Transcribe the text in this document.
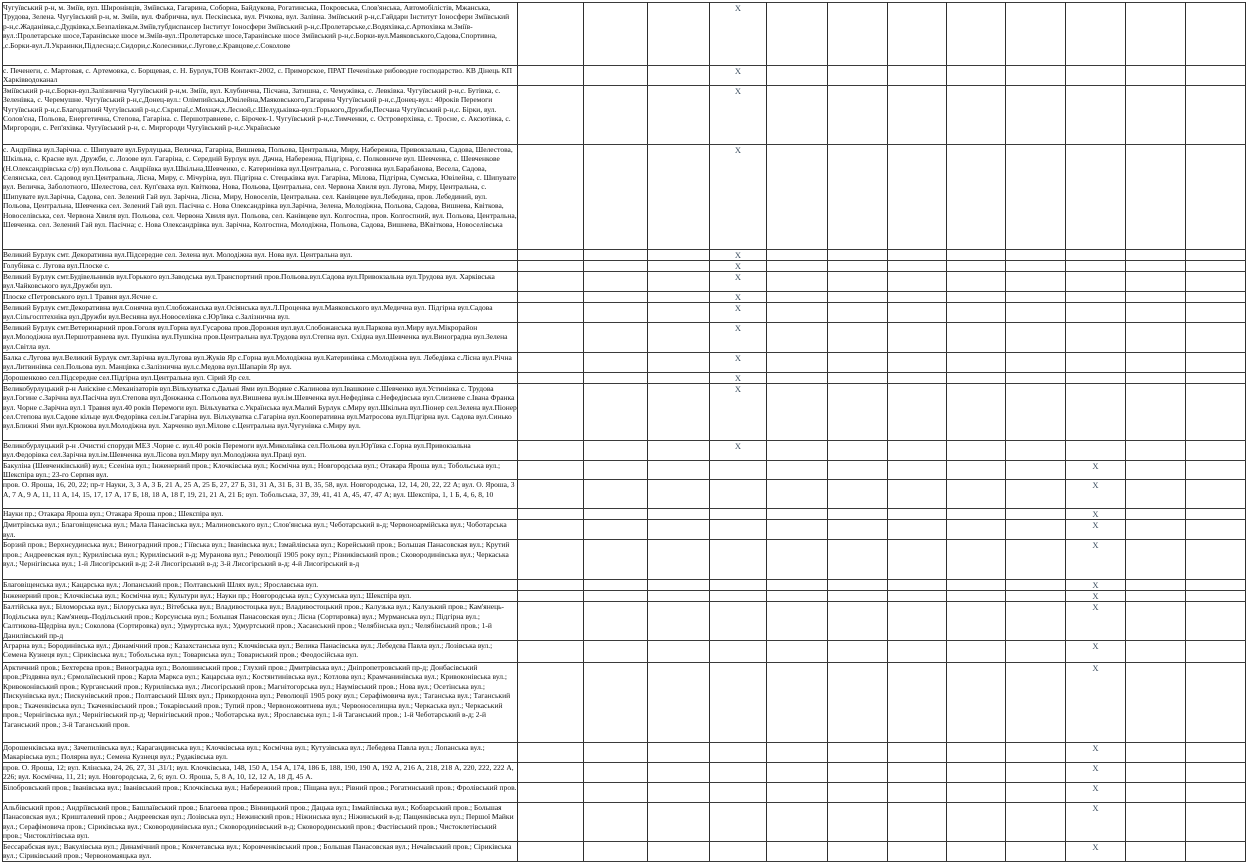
Чугуївський р-н, м. Зміїв, вул. Широнінців, Зміївська, Гагарина, Соборна, Байдукова, Рогатинська, Покровська, Слов'янська, Автомобілістів, Мжанська, Трудова, Зелена. Чугуївський р-н, м. Зміїв, вул. Фабрична, вул. Песківська, вул. Річкова, вул. Залівна. Зміївський р-н,с.Гайдари Інститут Іоносфери Зміївський р-н,с.Жаданівка,с.Дудківка,х.Безпалівка,м.Зміїв,тубдиспансер Інститут Іоносфери Зміївський р-н,с.Пролетарське,с.Водяхівка,с.Артюхівка м.Зміїв-вул.:Пролетарське шосе,Таранівське шосе м.Зміїв-вул.:Пролетарське шосе,Таранівське шосе Зміївський р-н,с.Борки-вул.Маяковського,Садова,Спортивна, ,с.Борки-вул.Л.Украинки,Підлесна;с.Сидори,с.Колесники,с.Лугове,с.Кравцове,с.Соколове				Х								
с. Печенеги, с. Мартовая, с. Артемовка, с. Борщевая, с. Н. Бурлук,ТОВ Контакт-2002, с. Приморское, ПРАТ Печенізьке рибоводне господарство. КВ Дінець КП Харківводоканал				Х								
Зміївський р-н,с.Борки-вул.Залізнична Чугуївський р-н,м. Зміїв, вул. Клубнична, Пісчана, Затишна, с. Чемужівка, с. Левківка. Чугуївський р-н,с. Бутівка, с. Зеленівка, с. Черемушне. Чугуївський р-н,с,Донец-вул.: Олімпийська,Ювілейна,Маяковського,Гагарина Чугуївський р-н,с.Донец-вул.: 40років Перемоги Чугуївський р-н,с.Благодатний Чугуївський р-н,с.Скрипаї,с.Мохнач,х.Лесной,с.Шелудьківка-вул.:Горького,Дружби,Песчана Чугуївський р-н,с. Бірки, вул. Солов'єна, Польова, Енергетична, Степова, Гагаріна. с. Першотравневе, с. Бірочек-1. Чугуївський р-н,с.Тимченки, с. Островерхівка, с. Тросне, с. Аксютівка, с. Миргороди, с. Реп'яхівка. Чугуївський р-н, с. Миргороди Чугуївський р-н,с.Українське				Х								
с. Андріївка вул.Зарічна. с. Шипувате вул.Бурлуцька, Величка, Гагаріна, Вишнева, Польова, Центральна, Миру, Набережна, Привокзальна, Садова, Шелестова, Шкільна, с. Красне вул. Дружби, с. Лозове вул. Гагаріна, с. Середній Бурлук вул. Дачна, Набережна, Підгірна, с. Полковниче вул. Шевченка, с. Шевченкове (Н.Олександрівська с/р) вул.Польова с. Андріївка вул.Шкільна,Шевченко, с. Катеринівка вул.Центральна, с. Рогозянка вул.Барабанова, Весела, Садова, Селянська, сел. Садовод вул.Центральна, Лісна, Миру, с. Мічуріна, вул. Підгірна с. Стецьківка вул. Гагаріна, Мілова, Підгірна, Сумська, Ювілейна, с. Шипувате вул. Величка, Заболотного, Шелестова, сел. Куп'єваха вул. Квіткова, Нова, Польова, Центральна, сел. Червона Хвиля вул. Лугова, Миру, Центральна, с. Шипувате вул.Зарічна, Садова, сел. Зелений Гай вул. Зарічна, Лісна, Миру, Новоселів, Центральна. сел. Канівцеве вул.Лебедина, пров. Лебединий, вул. Польова, Центральна, Шевченка сел. Зелений Гай вул. Пасічна с. Нова Олександрівка вул.Зарічна, Зелена, Молодіжна, Польова, Садова, Вишнева, Квіткова, Новоселівська, сел. Червона Хвиля вул. Польова, сел. Червона Хвиля вул. Польова, сел. Канівцеве вул. Колгоспна, пров. Колгоспний, вул. Польова, Центральна, Шевченка. сел. Зелений Гай вул. Пасічна; с. Нова Олександрівка вул. Зарічна, Колгоспна, Молодіжна, Польова, Садова, Вишнева, ВКвіткова, Новоселівська				Х								
Великий Бурлук смт. Декоративна вул.Підсередне сел. Зелена вул. Молодіжна вул. Нова вул. Центральна вул.				Х								
Голубівка с. Лугова вул.Плоске с.				Х								
Великий Бурлук смт.Будівельників вул.Горького вул.Заводська вул.Транспортний пров.Польова.вул.Садова вул.Привокзальна вул.Трудова вул. Харківська вул.Чайковського вул.Дружби вул.				Х								
Плоске сПетровського вул.1 Травня вул.Яєчне с.				Х								
Великий Бурлук смт.Декоративна вул.Сонячна вул.Слобожанська вул.Осіянська вул.Л.Проценка вул.Маяковського вул.Медична вул. Підгірна вул.Садова вул.Сільгосптехніка вул.Дружби вул.Весняна вул.Новоселівка с.Юр'ївка с.Залізнична вул.				Х								
Великий Бурлук смт.Ветеринарний пров.Гоголя вул.Горна вул.Гусарова пров.Дорожня вул.вул.Слобожанська вул.Паркова вул.Миру вул.Мікрорайон вул.Молодіжна вул.Першотравнева вул. Пушкіна вул.Пушкіна пров.Центральна вул.Трудова вул.Степна вул. Східна вул.Шевченка вул.Виноградна вул.Зелена вул.Світла вул.				Х								
Балка с.Лугова вул.Великий Бурлук смт.Зарічна вул.Лугова вул.Жуків Яр с.Горна вул.Молодіжна вул.Катеринівка с.Молодіжна вул. Лебедівка с.Лісна вул.Річна вул.Литвинівка сел.Польова вул. Манцівка с.Залізнична вул.с.Медова вул.Шапарів Яр вул.				Х								
Дорошенково сел.Підсередне сел.Підгірна вул.Центральна вул. Сірий Яр сел.				Х								
Великобурлуцький р-н Аніскіне с.Механізаторів вул.Вільхуватка с.Дальні Ями вул.Водяне с.Калинова вул.Івашкине с.Шевченко вул.Устинівка с. Трудова вул.Гогине с.Зарічна вул.Пасічна вул.Степова вул.Донжанка с.Польова вул.Вишнева вул.ім.Шевченка вул.Нефедівка с.Нефедівська вул.Слизневе с.Івана Франка вул. Чорне с.Зарічна вул.1 Травня вул.40 років Перемоги вул. Вільхуватка с.Українська вул.Малий Бурлук с.Миру вул.Шкільна вул.Піонер сел.Зелена вул.Піонер сел.Степова вул.Садове кільце вул.Федорівка сел.ім.Гагаріна вул. Вільхуватка с.Гагаріна вул.Кооперативна вул.Матросова вул.Підгірна вул. Садова вул.Синько вул.Ближні Ями вул.Крюкова вул.Молодіжна вул. Харченко вул.Мілове с.Центральна вул.Чугунівка с.Миру вул.				Х								
Великобурлуцький р-н .Очистні споруди МЕЗ .Чорне с. вул.40 років Перемоги вул.Миколаївка сел.Польова вул.Юр'ївка с.Горна вул.Привокзальна вул.Федорівка сел.Зарічна вул.ім.Шевченка вул.Лісова вул.Миру вул.Молодіжна вул.Праці вул.				Х								
Бакуліна (Шевченківський) вул.; Єсеніна вул.; Інженерний пров.; Клочківська вул.; Космічна вул.; Новгородська вул.; Отакара Яроша вул.; Тобольська вул.; Шекспіра вул.; 23-го Серпня вул.										Х		
пров. О. Яроша, 16, 20, 22; пр-т Науки, 3, 3 А, 3 Б, 21 А, 25 А, 25 Б, 27, 27 Б, 31, 31 А, 31 Б, 31 В, 35, 58, вул. Новгородська, 12, 14, 20, 22, 22 А; вул. О. Яроша, 3 А, 7 А, 9 А, 11, 11 А, 14, 15, 17, 17 А, 17 Б, 18, 18 А, 18 Г, 19, 21, 21 А, 21 Б; вул. Тобольська, 37, 39, 41, 41 А, 45, 47, 47 А; вул. Шекспіра, 1, 1 Б, 4, 6, 8, 10										Х		
Науки пр.; Отакара Яроша вул.; Отакара Яроша пров.; Шекспіра вул.										Х		
Дмитрівська вул.; Благовіщенська вул.; Мала Панасівська вул.; Малиновського вул.; Слов'янська вул.; Чеботарський в-д; Червоноармійська вул.; Чоботарська вул.										Х		
Борзий пров.; Верхнєудинська вул.; Виноградний пров.; Гіївська вул.; Іванівська вул.; Ізмайлівська вул.; Корейський пров.; Большая Панасовская вул.; Крутий пров.; Андреевская вул.; Курилівська вул.; Курилівський в-д; Муранова вул.; Революції 1905 року вул.; Різниківський пров.; Сковородинівська вул.; Черкаська вул.; Чернігівська вул.; 1-й Лисогірський в-д; 2-й Лисогірський в-д; 3-й Лисогірський в-д; 4-й Лисогірський в-д										Х		
Благовіщенська вул.; Кацарська вул.; Лопанський пров.; Полтавський Шлях вул.; Ярославська вул.										Х		
Інженерний пров.; Клочківська вул.; Космічна вул.; Культури вул.; Науки пр.; Новгородська вул.; Сухумська вул.; Шекспіра вул.										Х		
Балтійська вул.; Біломорська вул.; Білоруська вул.; Вітебська вул.; Владивостоцька вул.; Владивостоцький пров.; Калузька вул.; Калузький пров.; Кам'янець-Подільська вул.; Кам'янець-Подільський пров.; Корсунська вул.; Большая Панасовская вул.; Лісна (Сортировка) вул.; Мурманська вул.; Підгірна вул.; Салтикова-Щедріна вул.; Соколова (Сортировка) вул.; Удмуртська вул.; Удмуртський пров.; Хасанський пров.; Челябінська вул.; Челябінський пров.; 1-й Данилівський пр-д										Х		
Аграрна вул.; Бородинівська вул.; Динамічний пров.; Казахстанська вул.; Клочківська вул.; Велика Панасівська вул.; Лебедєва Павла вул.; Лозівська вул.; Семена Кузнеця вул.; Сіриківська вул.; Тобольська вул.; Товариська вул.; Товариський пров.; Феодосійська вул.										Х		
Арктичний пров.; Бехтерєва пров.; Виноградна вул.; Волошинський пров.; Глухий пров.; Дмитрівська вул.; Дніпропетровський пр-д; Донбасівський пров.;Різдвяна вул.; Єрмолаївський пров.; Карла Маркса вул.; Кацарська вул.; Костянтинівська вул.; Котлова вул.; Крамчанинівська вул.; Кривоконівська вул.; Кривоконівський пров.; Курганський пров.; Курилівська вул.; Лисогірський пров.; Магнітогорська вул.; Наумівський пров.; Нова вул.; Осетінська вул.; Пискунівська вул.; Пискунівський пров.; Полтавський Шлях вул.; Прикордонна вул.; Революції 1905 року вул.; Серафімовича вул.; Таганська вул.; Таганський пров.; Ткаченківська вул.; Ткаченківський пров.; Токарівський пров.; Тупий пров.; Червоножовтнева вул.; Червоноселищна вул.; Черкаська вул.; Черкаський пров.; Чернігівська вул.; Чернігівський пр-д; Чернігівський пров.; Чоботарська вул.; Ярославська вул.; 1-й Таганський пров.; 1-й Чеботарський в-д; 2-й Таганський пров.; 3-й Таганський пров.										Х		
Дорошенківська вул.; Зачепилівська вул.; Карагандинська вул.; Клочківська вул.; Космічна вул.; Кутузівська вул.; Лебедева Павла вул.; Лопанська вул.; Макарівська вул.; Полярна вул.; Семена Кузнеця вул.; Рудаківська вул.										Х		
пров. О. Яроша, 12; вул. Клінська, 24, 26, 27, 31 ,31/1; вул. Клочківська, 148, 150 А, 154 А, 174, 186 Б, 188, 190, 190 А, 192 А, 216 А, 218, 218 А, 220, 222, 222 А, 226; вул. Космічна, 11, 21; вул. Новгородська, 2, 6; вул. О. Яроша, 5, 8 А, 10, 12, 12 А, 18 Д, 45 А.										Х		
Білобровський пров.; Іванівська вул.; Іванівський пров.; Клочківська вул.; Набережний пров.; Піщана вул.; Рівний пров.; Рогатинський пров.; Фролівський пров.										Х		
Альбівський пров.; Андріївський пров.; Башлаївський пров.; Благоева пров.; Вінницький пров.; Дацька вул.; Ізмайлівська вул.; Кобзарський пров.; Большая Панасовская вул.; Кришталевий пров.; Андреевская вул.; Лозівська вул.; Нежинский пров.; Ніжинська вул.; Ніжинський в-д; Пащенківська вул.; Першої Майки вул.; Серафімовича пров.; Сіриківська вул.; Сковородинівська вул.; Сковородинівський в-д; Сковородинський пров.; Фастівський пров.; Чистоклетівський пров.; Чистоклітівська вул.										Х		
Бессарабская вул.; Вакулівська вул.; Динамічний пров.; Кокчетавська вул.; Коровченківський пров.; Большая Панасовская вул.; Нечаївський пров.; Сіриківська вул.; Сіриківський пров.; Червономаяцька вул.										Х		
